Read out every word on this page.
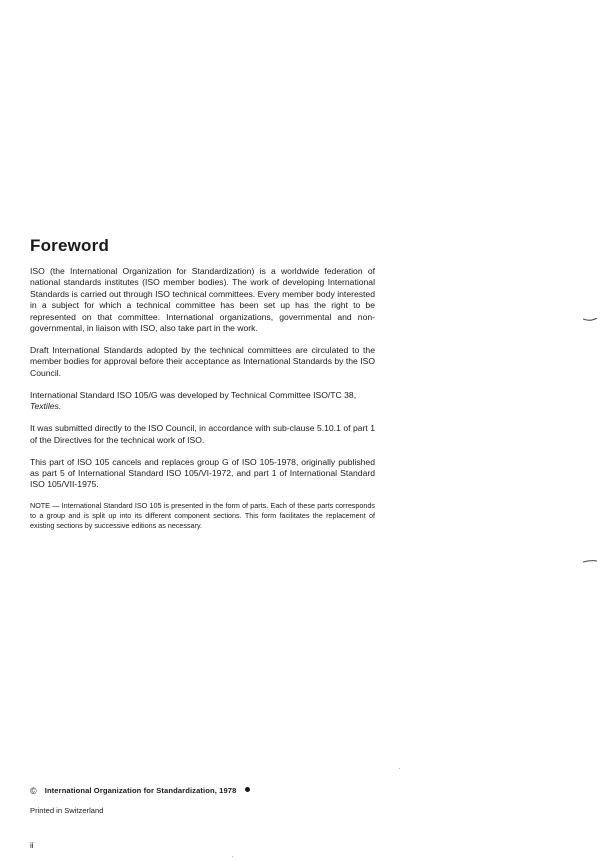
Foreword

ISO (the International Organization for Standardization) is a worldwide federation of national standards institutes (ISO member bodies). The work of developing International Standards is carried out through ISO technical committees. Every member body interested in a subject for which a technical committee has been set up has the right to be represented on that committee. International organizations, governmental and non-governmental, in liaison with ISO, also take part in the work.

Draft International Standards adopted by the technical committees are circulated to the member bodies for approval before their acceptance as International Standards by the ISO Council.

International Standard ISO 105/G was developed by Technical Committee ISO/TC 38,
Textiles.

It was submitted directly to the ISO Council, in accordance with sub-clause 5.10.1 of part 1 of the Directives for the technical work of ISO.

This part of ISO 105 cancels and replaces group G of ISO 105-1978, originally published as part 5 of International Standard ISO 105/VI-1972, and part 1 of International Standard ISO 105/VII-1975.

NOTE — International Standard ISO 105 is presented in the form of parts. Each of these parts corresponds to a group and is split up into its different component sections. This form facilitates the replacement of existing sections by successive editions as necessary.

© International Organization for Standardization, 1978
Printed in Switzerland
ii
